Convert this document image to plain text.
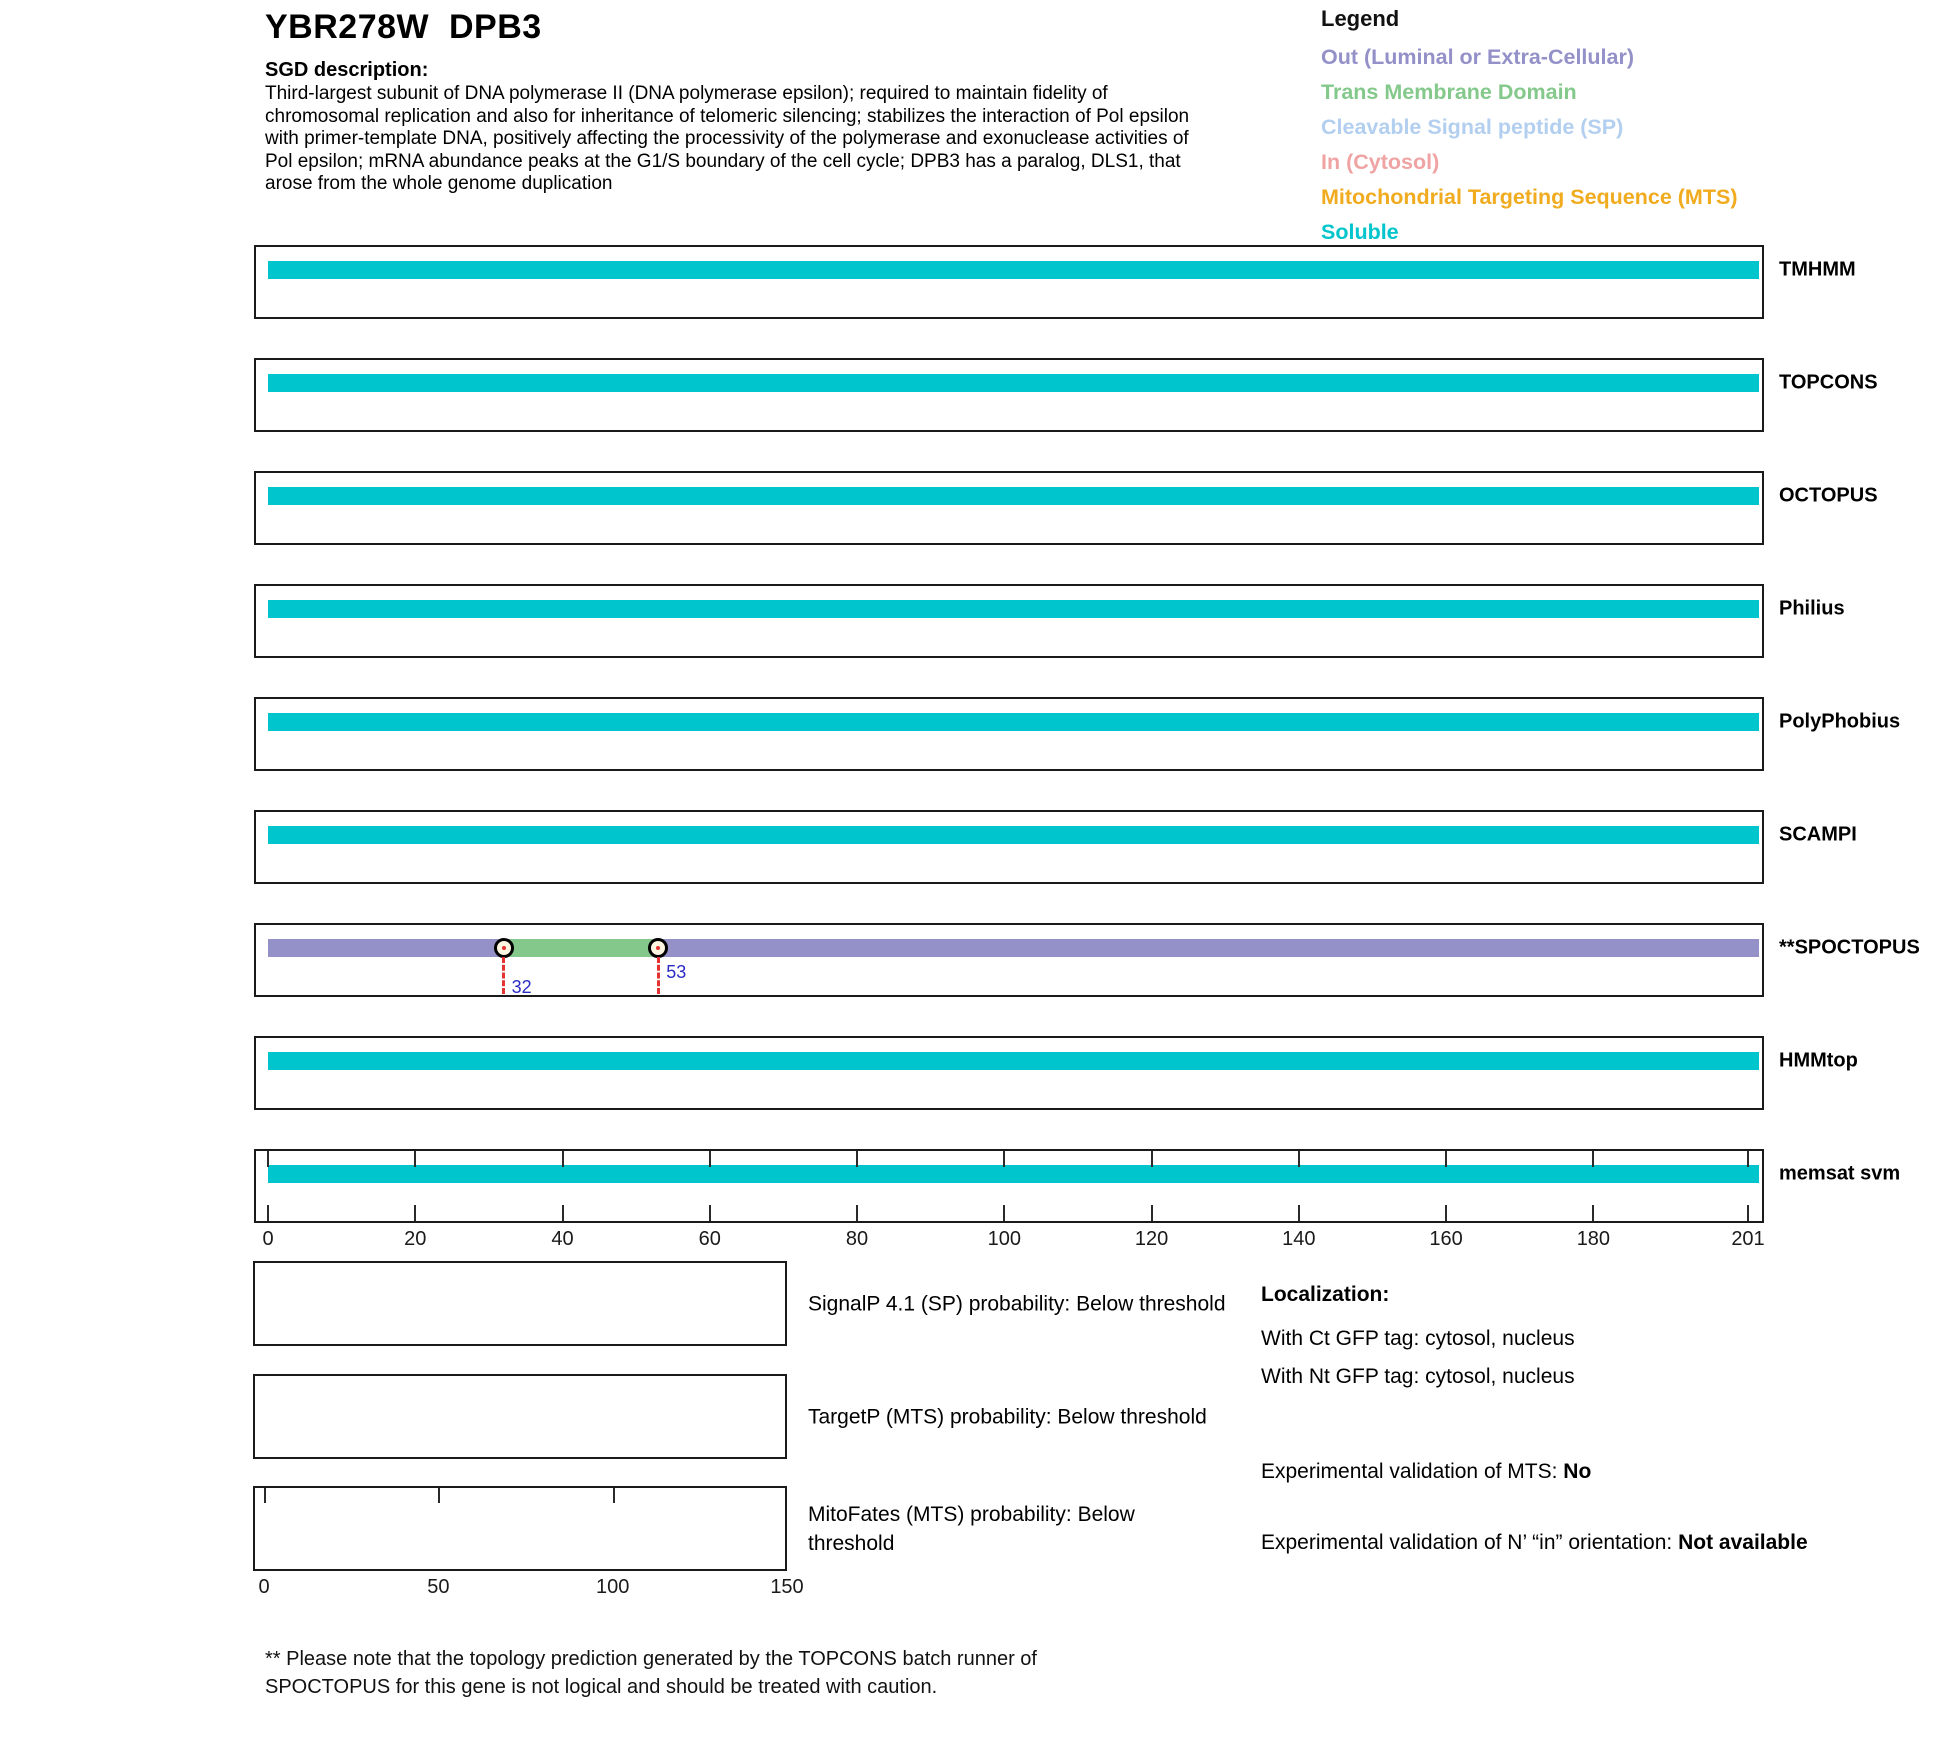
YBR278W  DPB3
SGD description:
Third-largest subunit of DNA polymerase II (DNA polymerase epsilon); required to maintain fidelity of
chromosomal replication and also for inheritance of telomeric silencing; stabilizes the interaction of Pol epsilon
with primer-template DNA, positively affecting the processivity of the polymerase and exonuclease activities of
Pol epsilon; mRNA abundance peaks at the G1/S boundary of the cell cycle; DPB3 has a paralog, DLS1, that
arose from the whole genome duplication
Legend
Out (Luminal or Extra-Cellular)
Trans Membrane Domain
Cleavable Signal peptide (SP)
In (Cytosol)
Mitochondrial Targeting Sequence (MTS)
Soluble
TMHMM
TOPCONS
OCTOPUS
Philius
PolyPhobius
SCAMPI
32
53
**SPOCTOPUS
HMMtop
memsat svm
0	20	40	60	80	100	120	140	160	180	201
SignalP 4.1 (SP) probability: Below threshold
TargetP (MTS) probability: Below threshold
MitoFates (MTS) probability: Below
threshold
0	50	100	150
Localization:
With Ct GFP tag: cytosol, nucleus
With Nt GFP tag: cytosol, nucleus
Experimental validation of MTS: No
Experimental validation of N’ “in” orientation: Not available
** Please note that the topology prediction generated by the TOPCONS batch runner of
SPOCTOPUS for this gene is not logical and should be treated with caution.
